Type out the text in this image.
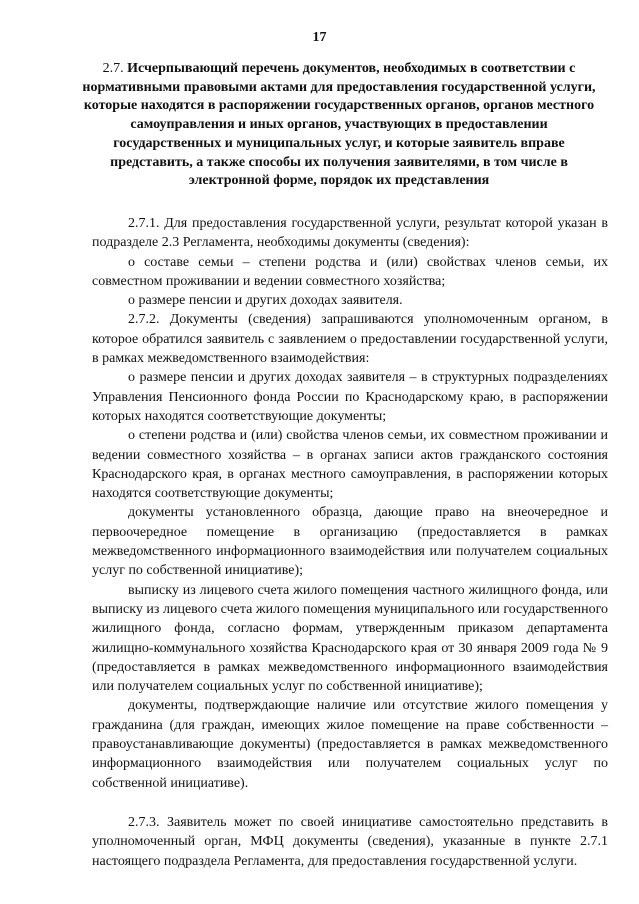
17
2.7. Исчерпывающий перечень документов, необходимых в соответствии с нормативными правовыми актами для предоставления государственной услуги, которые находятся в распоряжении государственных органов, органов местного самоуправления и иных органов, участвующих в предоставлении государственных и муниципальных услуг, и которые заявитель вправе представить, а также способы их получения заявителями, в том числе в электронной форме, порядок их представления

2.7.1. Для предоставления государственной услуги, результат которой указан в подразделе 2.3 Регламента, необходимы документы (сведения):

о составе семьи – степени родства и (или) свойствах членов семьи, их совместном проживании и ведении совместного хозяйства;

о размере пенсии и других доходах заявителя.

2.7.2. Документы (сведения) запрашиваются уполномоченным органом, в которое обратился заявитель с заявлением о предоставлении государственной услуги, в рамках межведомственного взаимодействия:

о размере пенсии и других доходах заявителя – в структурных подразделениях Управления Пенсионного фонда России по Краснодарскому краю, в распоряжении которых находятся соответствующие документы;

о степени родства и (или) свойства членов семьи, их совместном проживании и ведении совместного хозяйства – в органах записи актов гражданского состояния Краснодарского края, в органах местного самоуправления, в распоряжении которых находятся соответствующие документы;

документы установленного образца, дающие право на внеочередное и первоочередное помещение в организацию (предоставляется в рамках межведомственного информационного взаимодействия или получателем социальных услуг по собственной инициативе);

выписку из лицевого счета жилого помещения частного жилищного фонда, или выписку из лицевого счета жилого помещения муниципального или государственного жилищного фонда, согласно формам, утвержденным приказом департамента жилищно-коммунального хозяйства Краснодарского края от 30 января 2009 года № 9 (предоставляется в рамках межведомственного информационного взаимодействия или получателем социальных услуг по собственной инициативе);

документы, подтверждающие наличие или отсутствие жилого помещения у гражданина (для граждан, имеющих жилое помещение на праве собственности – правоустанавливающие документы) (предоставляется в рамках межведомственного информационного взаимодействия или получателем социальных услуг по собственной инициативе).

2.7.3. Заявитель может по своей инициативе самостоятельно представить в уполномоченный орган, МФЦ документы (сведения), указанные в пункте 2.7.1 настоящего подраздела Регламента, для предоставления государственной услуги.
